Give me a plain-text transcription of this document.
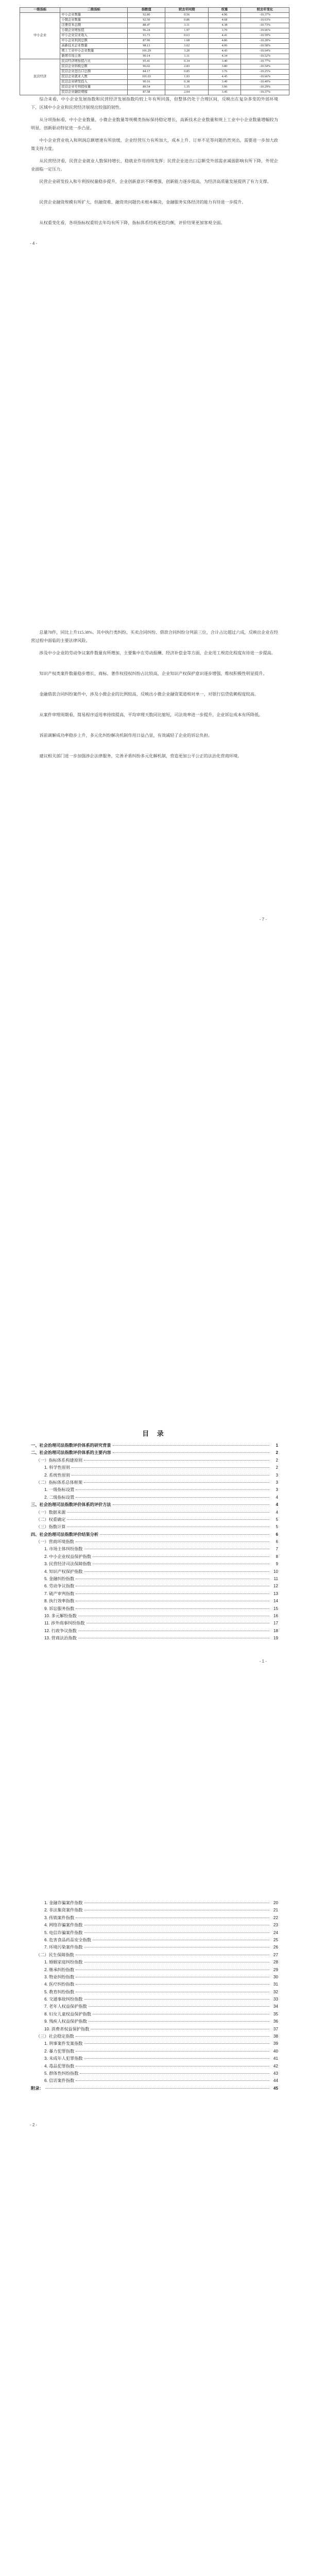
一级指标	二级指标	指数值	较去年同期	权重	较去年变化
中小企业	中小企业数量	92.80	0.56	4.96	-10.37%
	小微企业数量	92.50	0.86	4.68	-10.63%
	注册资本总额	88.47	3.11	4.38	-10.73%
	小微企业增加值	96.24	1.97	3.70	-10.66%
	中小企业营业收入	91.73	0.63	4.41	-10.59%
	中小企业利润总额	87.90	1.68	4.86	-10.28%
	高新技术企业数量	98.13	3.02	4.06	-10.58%
	规上工业中小企业数量	101.29	3.20	4.43	-10.64%
	新增市场主体	90.14	1.11	4.34	-10.52%
民营经济	民营经济增加值占比	95.41	0.34	3.40	-10.77%
	民营企业纳税总额	96.02	2.83	3.80	-10.54%
	民营企业进出口总额	84.17	0.85	3.76	-10.25%
	民营企业就业人数	101.03	1.93	4.45	-10.66%
	民营企业研发投入	90.16	0.38	3.49	-10.40%
	民营企业专利授权量	89.54	1.35	3.96	-10.29%
	民营企业融资规模	87.58	2.04	3.45	-10.37%

综合来看，中小企业发展指数和民营经济发展指数均较上年有所回落，但整体仍处于合理区间，反映出在复杂多变的外部环境下，区域中小企业和民营经济展现出较强的韧性。

从分项指标看，中小企业数量、小微企业数量等规模类指标保持稳定增长，高新技术企业数量和规上工业中小企业数量增幅较为明显，创新驱动特征进一步凸显。

中小企业营业收入和利润总额增速有所放缓，企业经营压力有所加大，成本上升、订单不足等问题仍然突出，需要进一步加大政策支持力度。

从民营经济看，民营企业就业人数保持增长，稳就业作用持续发挥；民营企业进出口总额受外部需求减弱影响有所下降，外贸企业面临一定压力。

民营企业研发投入和专利授权量稳步提升，企业创新意识不断增强，创新能力逐步提高，为经济高质量发展提供了有力支撑。

民营企业融资规模有所扩大，但融资难、融资贵问题仍未根本解决，金融服务实体经济的能力有待进一步提升。

从权重变化看，各项指标权重较去年均有所下降，指标体系结构更趋均衡，评价结果更加客观全面。

- 4 -

总量78件，同比上升115.38%。其中执行类纠纷、买卖合同纠纷、借款合同纠纷分列前三位，合计占比超过六成，反映出企业在经营过程中面临的主要法律风险。

涉及中小企业的劳动争议案件数量有所增加，主要集中在劳动报酬、经济补偿金等方面，企业用工规范化程度有待进一步提高。

知识产权类案件数量稳步增长，商标、著作权侵权纠纷占比较高，企业知识产权保护意识逐步增强，维权积极性明显提升。

金融借款合同纠纷案件中，涉及小微企业的比例较高，反映出小微企业融资渠道相对单一，对银行信贷依赖程度较高。

从案件审理周期看，简易程序适用率持续提高，平均审理天数同比缩短，司法效率进一步提升，企业诉讼成本有所降低。

诉前调解成功率稳步上升，多元化纠纷解决机制作用日益凸显，有效减轻了企业的诉讼负担。

建议相关部门进一步加强涉企法律服务，完善矛盾纠纷多元化解机制，营造更加公平公正的法治化营商环境。

- 7 -
目 录
一、社会治理司法指数评价体系的研究背景	1
二、社会治理司法指数评价体系的主要内容	2
（一）指标体系构建原则	2
1. 科学性原则	2
2. 系统性原则	3
（二）指标体系总体框架	3
1. 一级指标设置	3
2. 二级指标设置	4
三、社会治理司法指数评价体系的评价方法	4
（一）数据来源	4
（二）权重确定	5
（三）指数计算	5
四、社会治理司法指数评价结果分析	6
（一）营商环境指数	6
1. 市场主体纠纷指数	7
2. 中小企业权益保护指数	8
3. 民营经济司法保障指数	9
4. 知识产权保护指数	10
5. 金融纠纷指数	11
6. 劳动争议指数	12
7. 破产审判指数	13
8. 执行效率指数	14
9. 诉讼服务指数	15
10. 多元解纷指数	16
11. 涉外商事纠纷指数	17
12. 行政争议指数	18
13. 营商法治指数	19
- 1 -
1. 金融诈骗案件指数	20
2. 非法集资案件指数	21
3. 传销案件指数	22
4. 网络诈骗案件指数	23
5. 电信诈骗案件指数	24
6. 危害食品药品安全指数	25
7. 环境污染案件指数	26
（二）民生保障指数	27
1. 婚姻家庭纠纷指数	28
2. 继承纠纷指数	29
3. 物业纠纷指数	30
4. 医疗纠纷指数	31
5. 教育纠纷指数	32
6. 交通事故纠纷指数	33
7. 老年人权益保护指数	34
8. 妇女儿童权益保护指数	35
9. 残疾人权益保护指数	36
10. 消费者权益保护指数	37
（三）社会稳定指数	38
1. 刑事案件发案指数	39
2. 暴力犯罪指数	40
3. 未成年人犯罪指数	41
4. 毒品犯罪指数	42
5. 群体性纠纷指数	43
6. 信访案件指数	44
附录：	45
- 2 -
